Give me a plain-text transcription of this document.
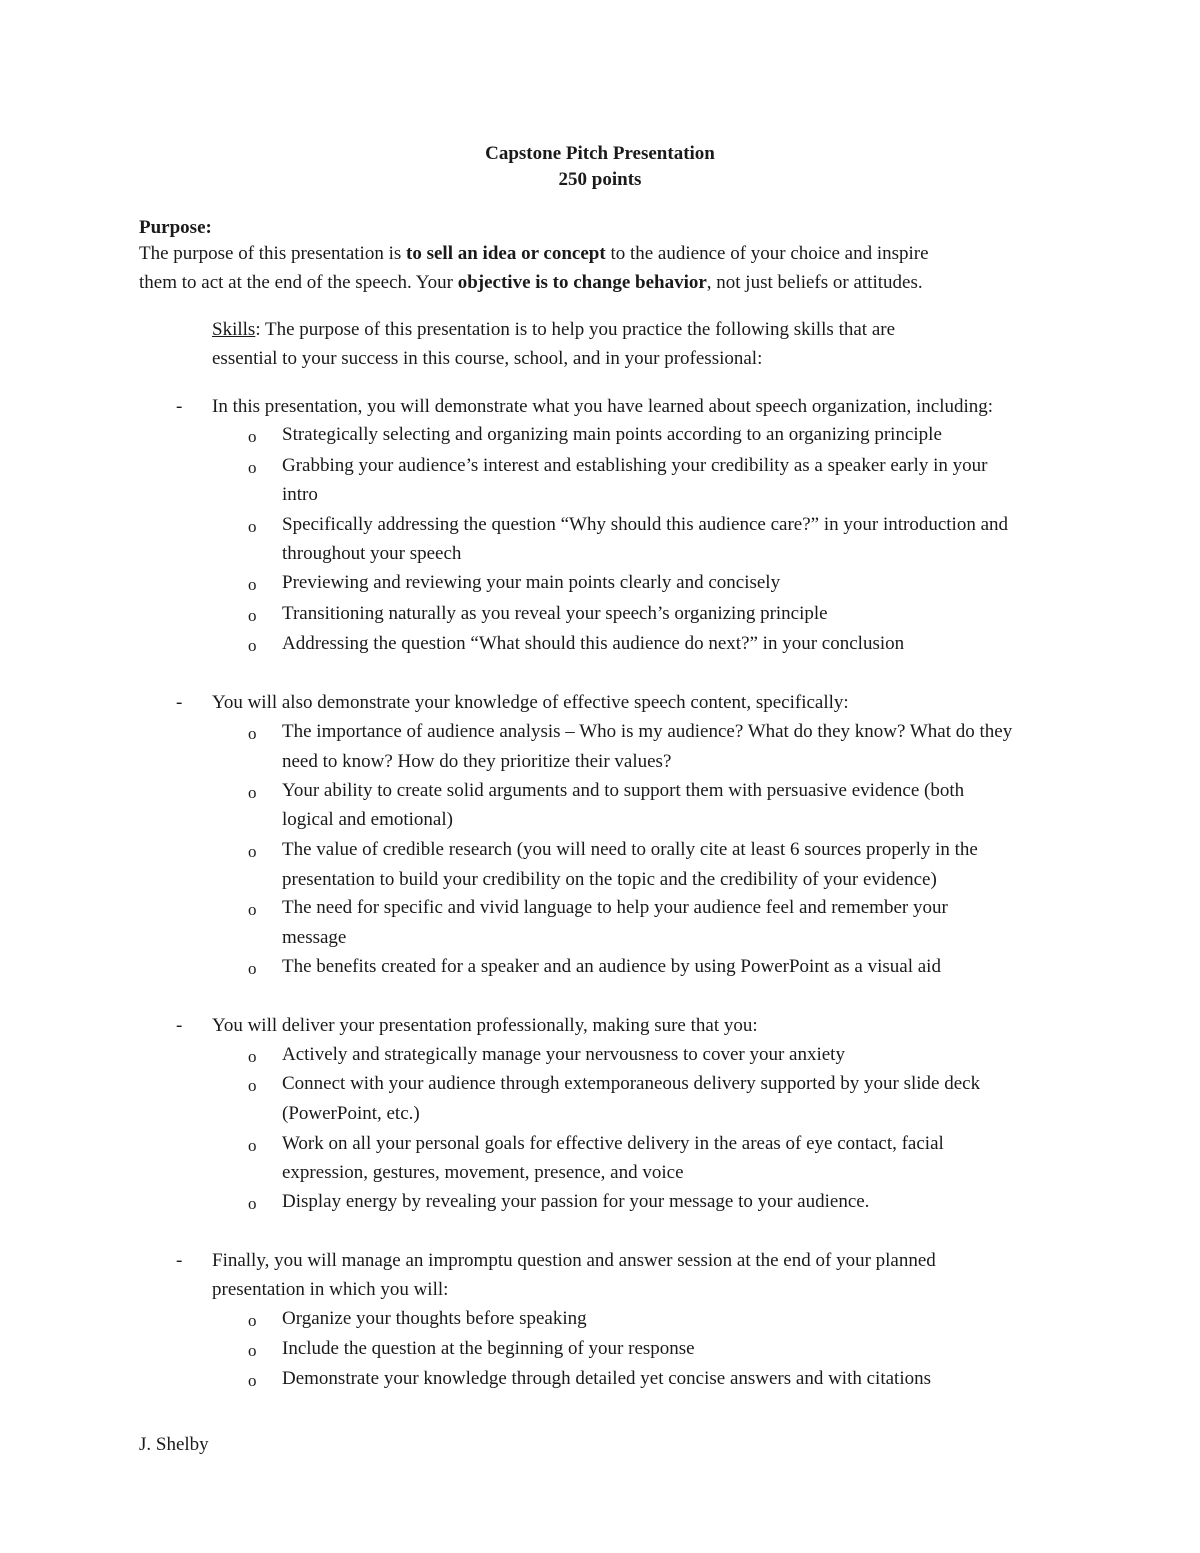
Capstone Pitch Presentation
250 points
Purpose:
The purpose of this presentation is to sell an idea or concept to the audience of your choice and inspire
them to act at the end of the speech. Your objective is to change behavior, not just beliefs or attitudes.
Skills: The purpose of this presentation is to help you practice the following skills that are
essential to your success in this course, school, and in your professional:
- In this presentation, you will demonstrate what you have learned about speech organization, including:
o Strategically selecting and organizing main points according to an organizing principle
o Grabbing your audience’s interest and establishing your credibility as a speaker early in your
intro
o Specifically addressing the question “Why should this audience care?” in your introduction and
throughout your speech
o Previewing and reviewing your main points clearly and concisely
o Transitioning naturally as you reveal your speech’s organizing principle
o Addressing the question “What should this audience do next?” in your conclusion
- You will also demonstrate your knowledge of effective speech content, specifically:
o The importance of audience analysis – Who is my audience? What do they know? What do they
need to know? How do they prioritize their values?
o Your ability to create solid arguments and to support them with persuasive evidence (both
logical and emotional)
o The value of credible research (you will need to orally cite at least 6 sources properly in the
presentation to build your credibility on the topic and the credibility of your evidence)
o The need for specific and vivid language to help your audience feel and remember your
message
o The benefits created for a speaker and an audience by using PowerPoint as a visual aid
- You will deliver your presentation professionally, making sure that you:
o Actively and strategically manage your nervousness to cover your anxiety
o Connect with your audience through extemporaneous delivery supported by your slide deck
(PowerPoint, etc.)
o Work on all your personal goals for effective delivery in the areas of eye contact, facial
expression, gestures, movement, presence, and voice
o Display energy by revealing your passion for your message to your audience.
- Finally, you will manage an impromptu question and answer session at the end of your planned
presentation in which you will:
o Organize your thoughts before speaking
o Include the question at the beginning of your response
o Demonstrate your knowledge through detailed yet concise answers and with citations
J. Shelby
